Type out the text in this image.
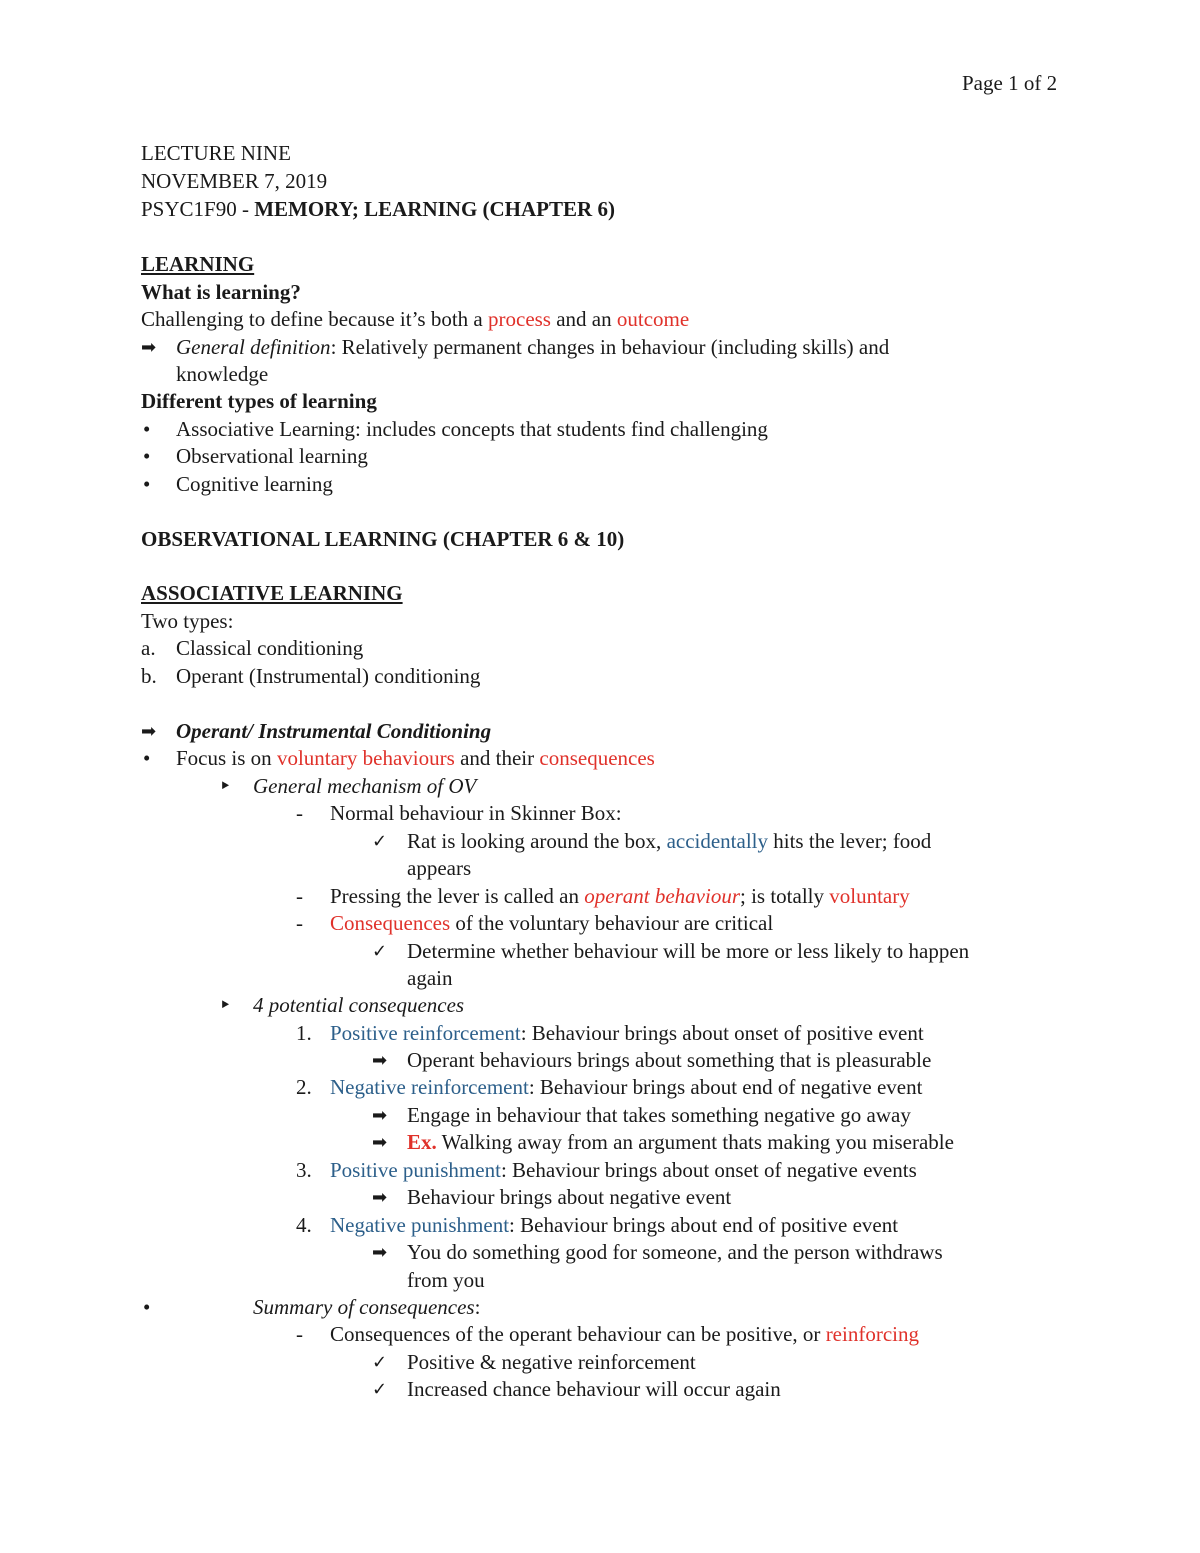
Page 1 of 2
LECTURE NINE
NOVEMBER 7, 2019
PSYC1F90 - MEMORY; LEARNING (CHAPTER 6)
LEARNING
What is learning?
Challenging to define because it’s both a process and an outcome
➡ General definition: Relatively permanent changes in behaviour (including skills) and
knowledge
Different types of learning
• Associative Learning: includes concepts that students find challenging
• Observational learning
• Cognitive learning
OBSERVATIONAL LEARNING (CHAPTER 6 & 10)
ASSOCIATIVE LEARNING
Two types:
a. Classical conditioning
b. Operant (Instrumental) conditioning
➡ Operant/ Instrumental Conditioning
• Focus is on voluntary behaviours and their consequences
‣ General mechanism of OV
- Normal behaviour in Skinner Box:
✓ Rat is looking around the box, accidentally hits the lever; food
appears
- Pressing the lever is called an operant behaviour; is totally voluntary
- Consequences of the voluntary behaviour are critical
✓ Determine whether behaviour will be more or less likely to happen
again
‣ 4 potential consequences
1. Positive reinforcement: Behaviour brings about onset of positive event
➡ Operant behaviours brings about something that is pleasurable
2. Negative reinforcement: Behaviour brings about end of negative event
➡ Engage in behaviour that takes something negative go away
➡ Ex. Walking away from an argument thats making you miserable
3. Positive punishment: Behaviour brings about onset of negative events
➡ Behaviour brings about negative event
4. Negative punishment: Behaviour brings about end of positive event
➡ You do something good for someone, and the person withdraws
from you
•	Summary of consequences:
- Consequences of the operant behaviour can be positive, or reinforcing
✓ Positive & negative reinforcement
✓ Increased chance behaviour will occur again
